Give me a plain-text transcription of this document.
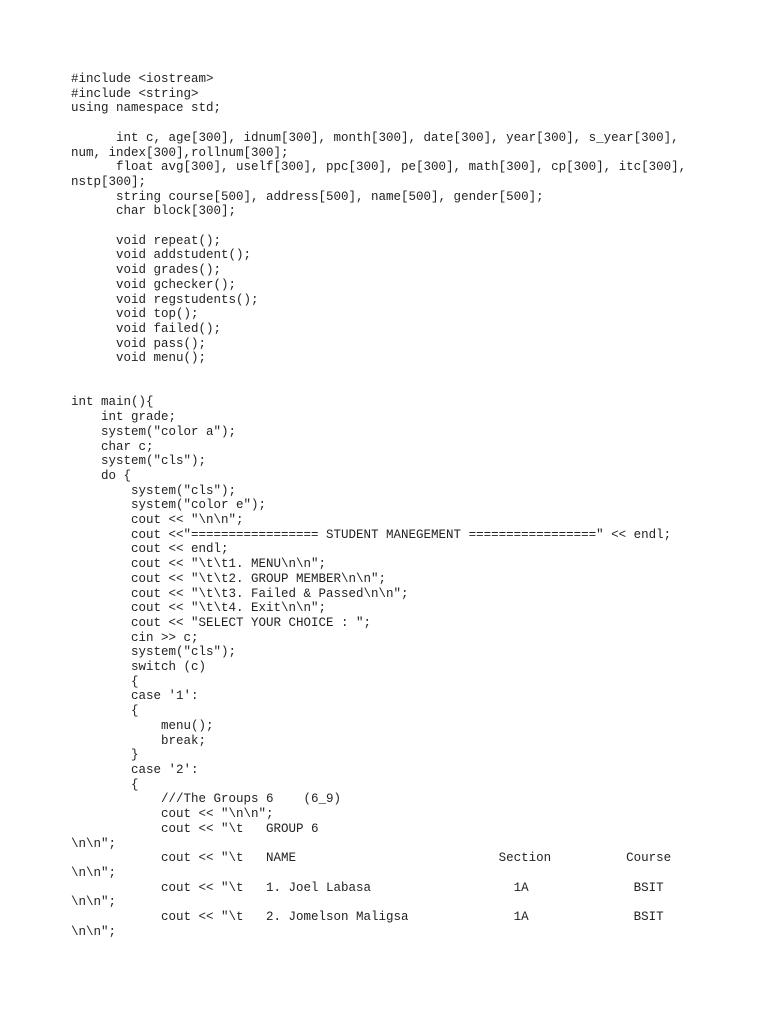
#include <iostream>
#include <string>
using namespace std;
int c, age[300], idnum[300], month[300], date[300], year[300], s_year[300],
num, index[300],rollnum[300];
float avg[300], uself[300], ppc[300], pe[300], math[300], cp[300], itc[300],
nstp[300];
string course[500], address[500], name[500], gender[500];
char block[300];
void repeat();
void addstudent();
void grades();
void gchecker();
void regstudents();
void top();
void failed();
void pass();
void menu();
int main(){
int grade;
system("color a");
char c;
system("cls");
do {
system("cls");
system("color e");
cout << "\n\n";
cout <<"================= STUDENT MANEGEMENT =================" << endl;
cout << endl;
cout << "\t\t1. MENU\n\n";
cout << "\t\t2. GROUP MEMBER\n\n";
cout << "\t\t3. Failed & Passed\n\n";
cout << "\t\t4. Exit\n\n";
cout << "SELECT YOUR CHOICE : ";
cin >> c;
system("cls");
switch (c)
{
case '1':
{
menu();
break;
}
case '2':
{
///The Groups 6    (6_9)
cout << "\n\n";
cout << "\t   GROUP 6
\n\n";
cout << "\t   NAME                           Section          Course
\n\n";
cout << "\t   1. Joel Labasa                   1A              BSIT
\n\n";
cout << "\t   2. Jomelson Maligsa              1A              BSIT
\n\n";
